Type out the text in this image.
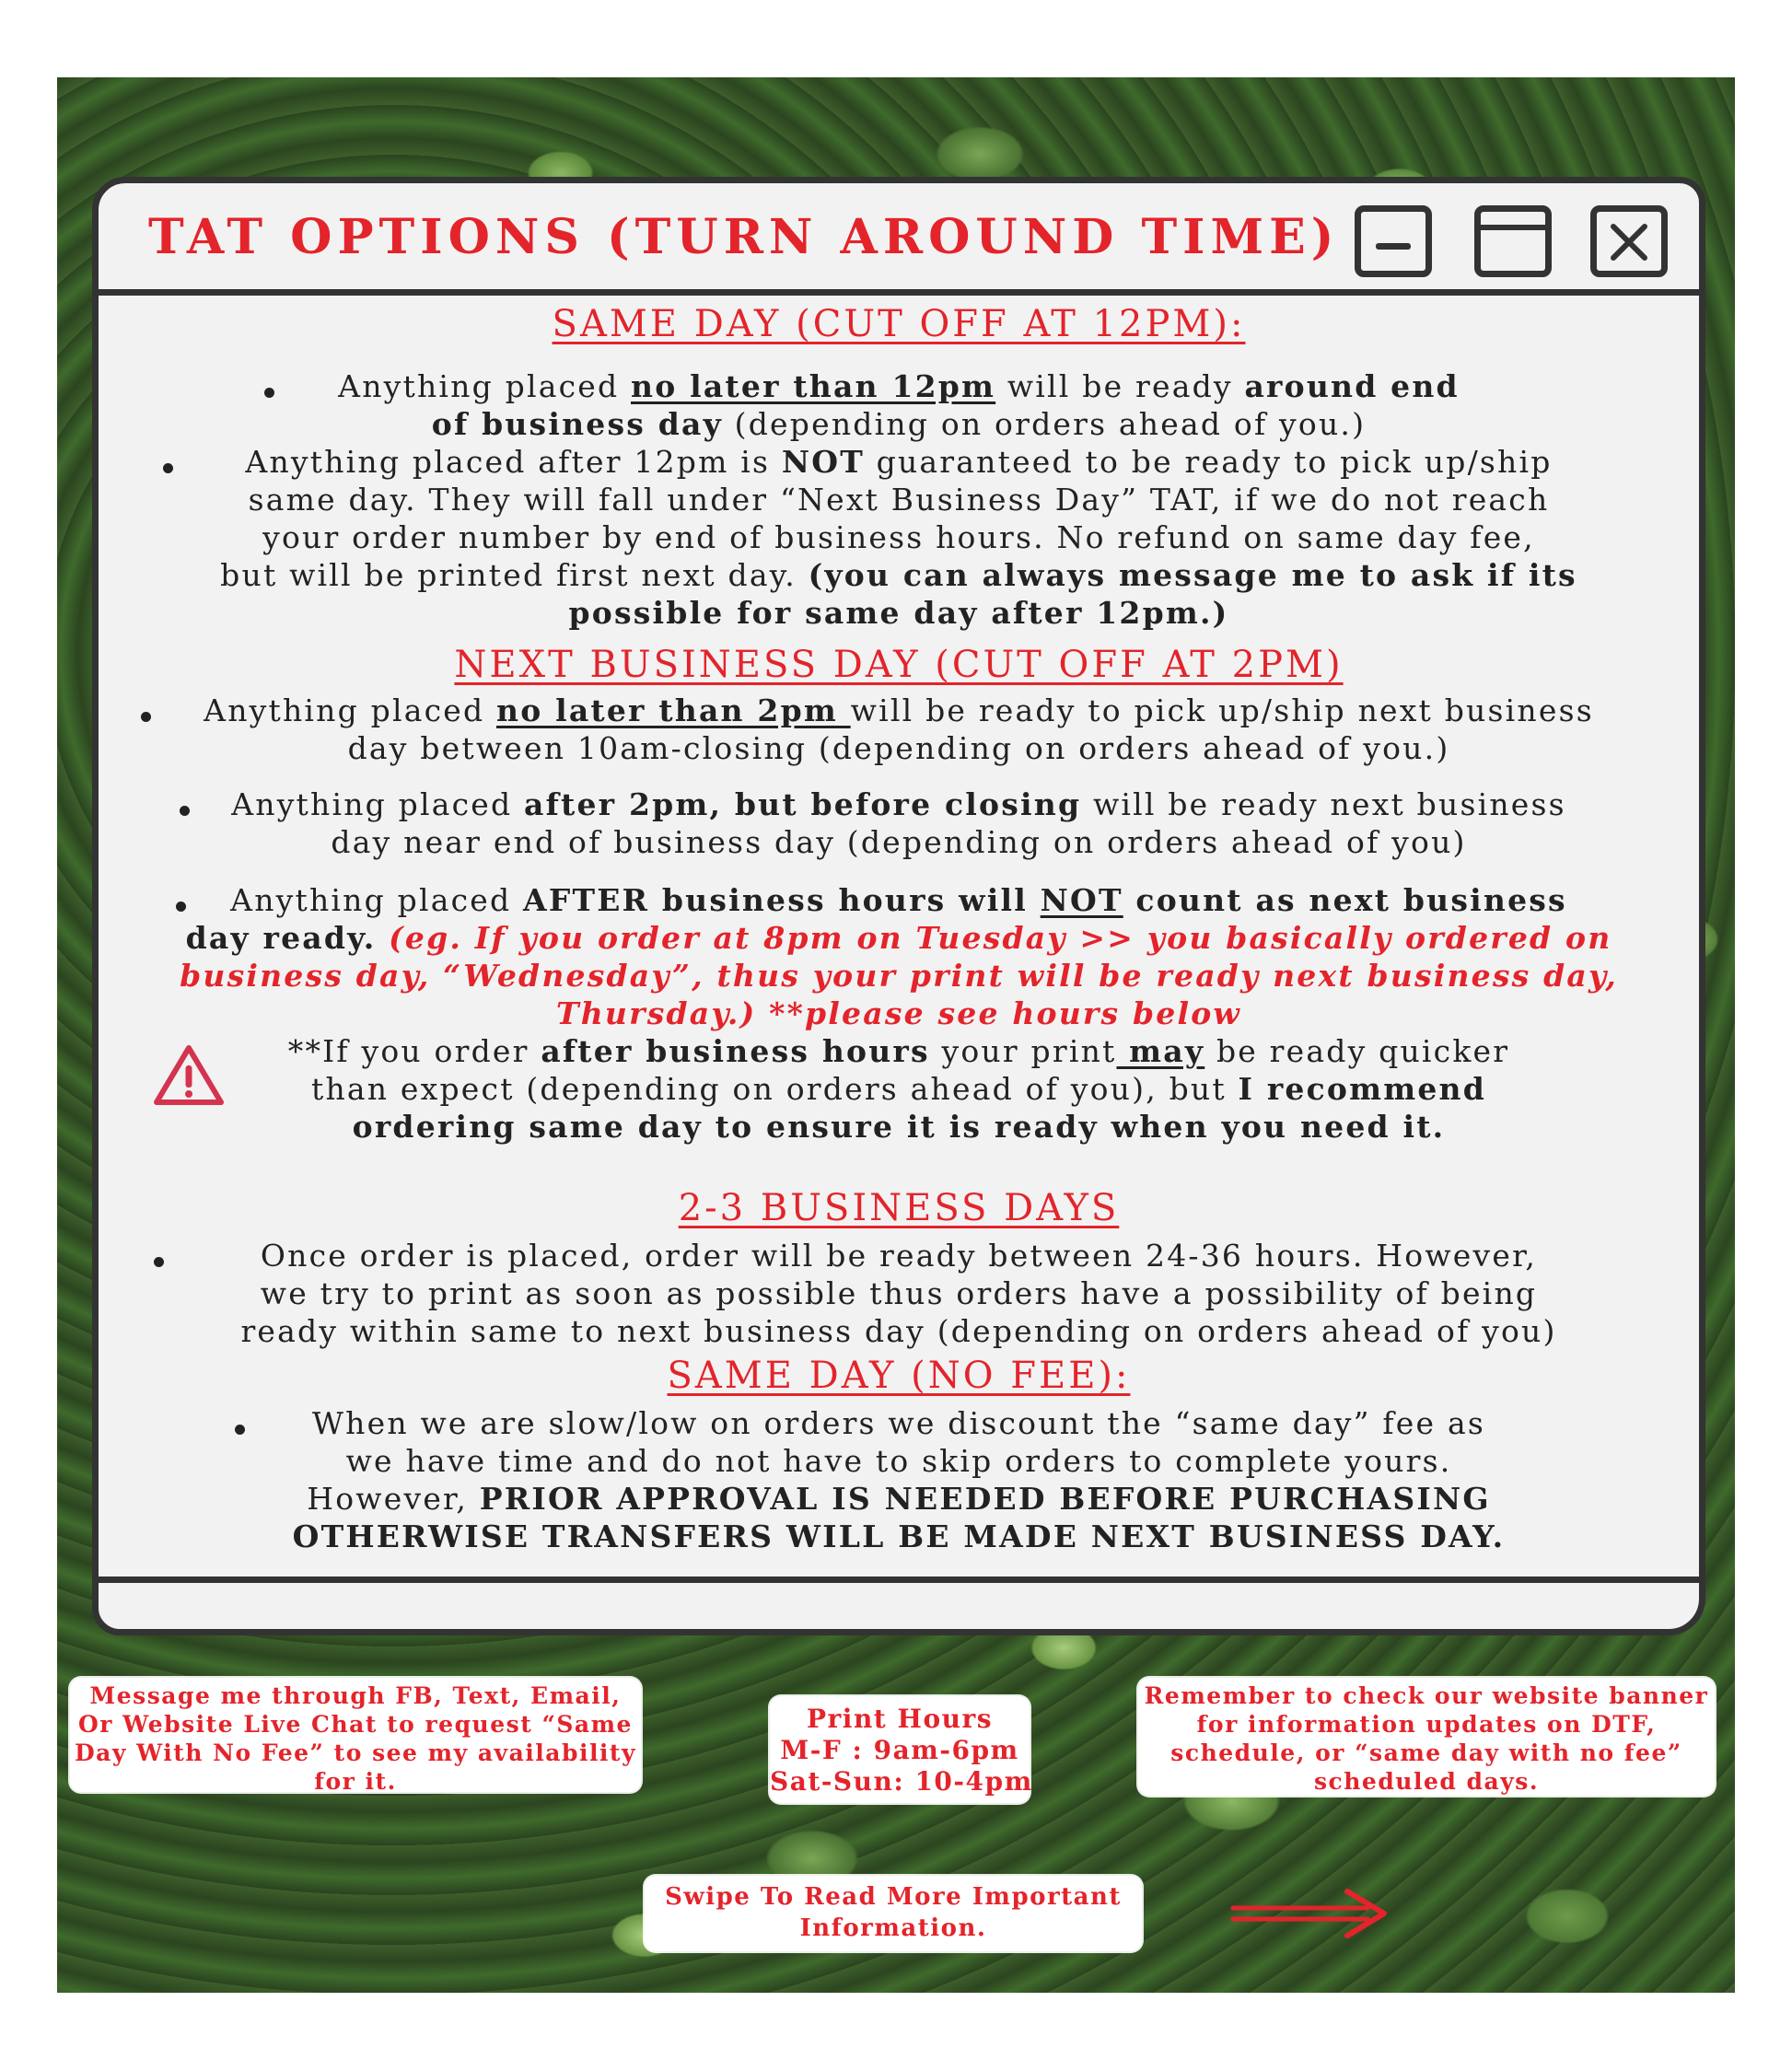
TAT OPTIONS (TURN AROUND TIME)
SAME DAY (CUT OFF AT 12PM):
Anything placed no later than 12pm will be ready around end
of business day (depending on orders ahead of you.)
Anything placed after 12pm is NOT guaranteed to be ready to pick up/ship
same day. They will fall under “Next Business Day” TAT, if we do not reach
your order number by end of business hours. No refund on same day fee,
but will be printed first next day. (you can always message me to ask if its
possible for same day after 12pm.)
NEXT BUSINESS DAY (CUT OFF AT 2PM)
Anything placed no later than 2pm will be ready to pick up/ship next business
day between 10am-closing (depending on orders ahead of you.)
Anything placed after 2pm, but before closing will be ready next business
day near end of business day (depending on orders ahead of you)
Anything placed AFTER business hours will NOT count as next business
day ready. (eg. If you order at 8pm on Tuesday >> you basically ordered on
business day, “Wednesday”, thus your print will be ready next business day,
Thursday.) **please see hours below
**If you order after business hours your print may be ready quicker
than expect (depending on orders ahead of you), but I recommend
ordering same day to ensure it is ready when you need it.
2-3 BUSINESS DAYS
Once order is placed, order will be ready between 24-36 hours. However,
we try to print as soon as possible thus orders have a possibility of being
ready within same to next business day (depending on orders ahead of you)
SAME DAY (NO FEE):
When we are slow/low on orders we discount the “same day” fee as
we have time and do not have to skip orders to complete yours.
However, PRIOR APPROVAL IS NEEDED BEFORE PURCHASING
OTHERWISE TRANSFERS WILL BE MADE NEXT BUSINESS DAY.
Message me through FB, Text, Email,
Or Website Live Chat to request “Same
Day With No Fee” to see my availability
for it.
Print Hours
M-F : 9am-6pm
Sat-Sun: 10-4pm
Remember to check our website banner
for information updates on DTF,
schedule, or “same day with no fee”
scheduled days.
Swipe To Read More Important
Information.
